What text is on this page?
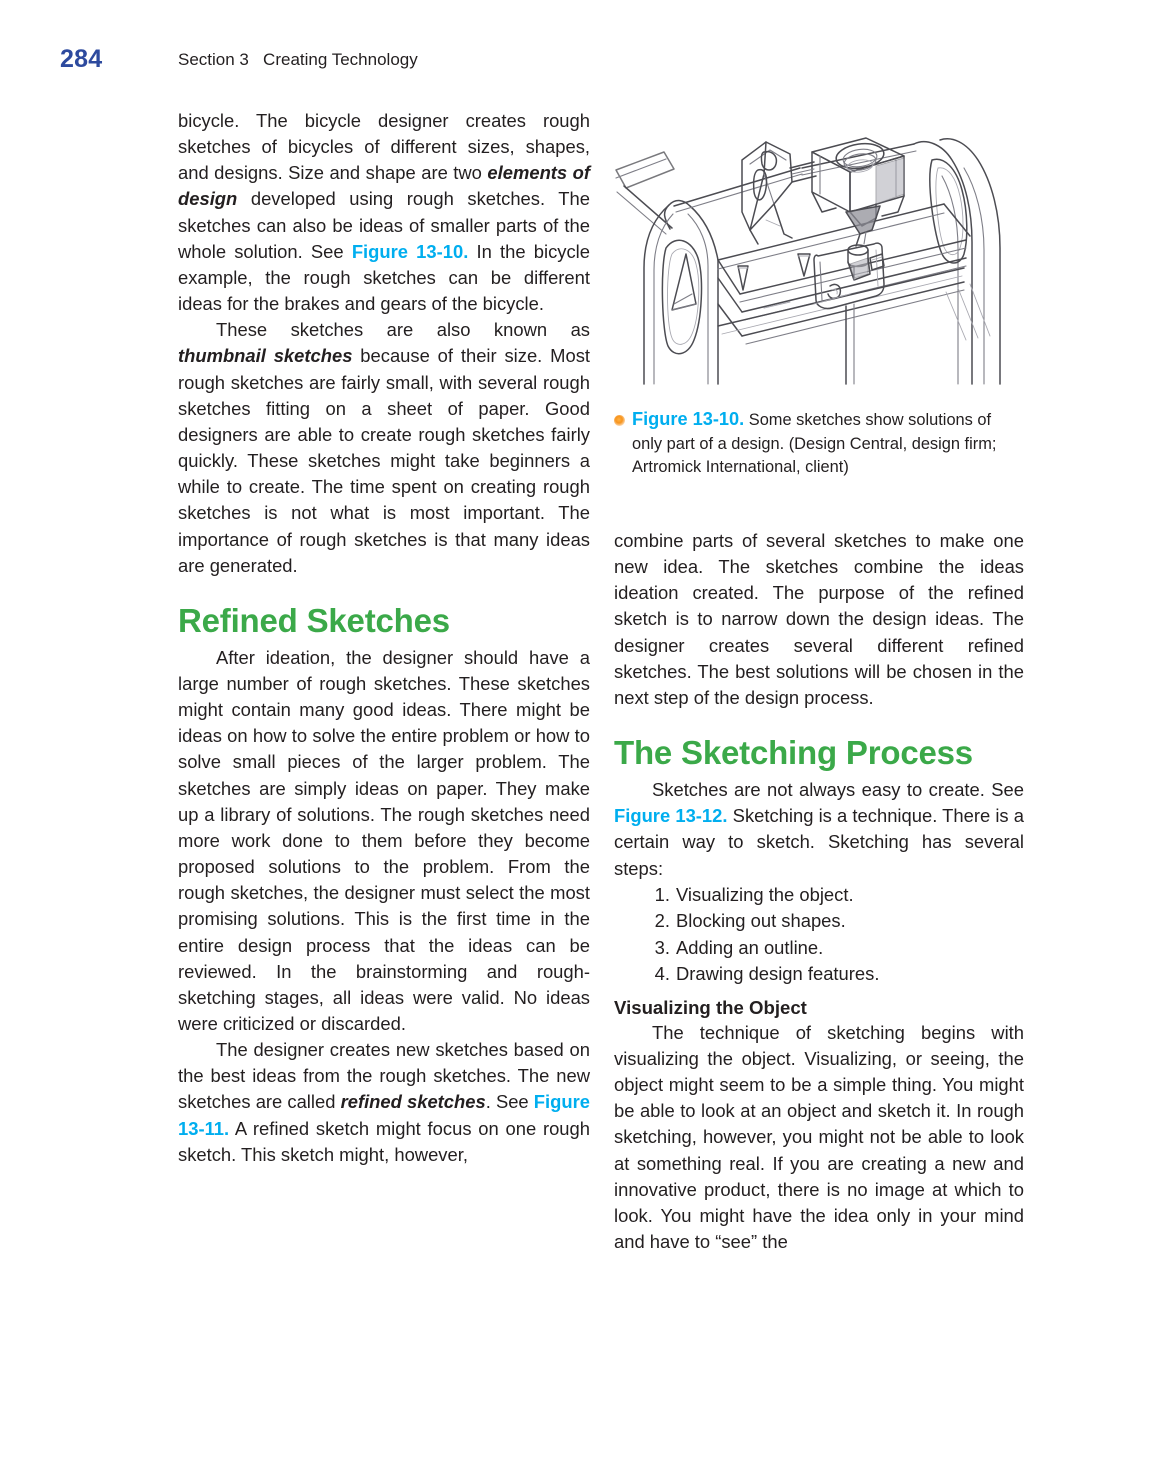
284	Section 3   Creating Technology

bicycle. The bicycle designer creates rough sketches of bicycles of different sizes, shapes, and designs. Size and shape are two elements of design developed using rough sketches. The sketches can also be ideas of smaller parts of the whole solution. See Figure 13-10. In the bicycle example, the rough sketches can be different ideas for the brakes and gears of the bicycle.

These sketches are also known as thumbnail sketches because of their size. Most rough sketches are fairly small, with several rough sketches fitting on a sheet of paper. Good designers are able to create rough sketches fairly quickly. These sketches might take beginners a while to create. The time spent on creating rough sketches is not what is most important. The importance of rough sketches is that many ideas are generated.

Refined Sketches

After ideation, the designer should have a large number of rough sketches. These sketches might contain many good ideas. There might be ideas on how to solve the entire problem or how to solve small pieces of the larger problem. The sketches are simply ideas on paper. They make up a library of solutions. The rough sketches need more work done to them before they become proposed solutions to the problem. From the rough sketches, the designer must select the most promising solutions. This is the first time in the entire design process that the ideas can be reviewed. In the brainstorming and rough-sketching stages, all ideas were valid. No ideas were criticized or discarded.

The designer creates new sketches based on the best ideas from the rough sketches. The new sketches are called refined sketches. See Figure 13-11. A refined sketch might focus on one rough sketch. This sketch might, however,

Figure 13-10. Some sketches show solutions of only part of a design. (Design Central, design firm; Artromick International, client)

combine parts of several sketches to make one new idea. The sketches combine the ideas ideation created. The purpose of the refined sketch is to narrow down the design ideas. The designer creates several different refined sketches. The best solutions will be chosen in the next step of the design process.

The Sketching Process

Sketches are not always easy to create. See Figure 13-12. Sketching is a technique. There is a certain way to sketch. Sketching has several steps:

Visualizing the object.
Blocking out shapes.
Adding an outline.
Drawing design features.
Visualizing the Object

The technique of sketching begins with visualizing the object. Visualizing, or seeing, the object might seem to be a simple thing. You might be able to look at an object and sketch it. In rough sketching, however, you might not be able to look at something real. If you are creating a new and innovative product, there is no image at which to look. You might have the idea only in your mind and have to “see” the
